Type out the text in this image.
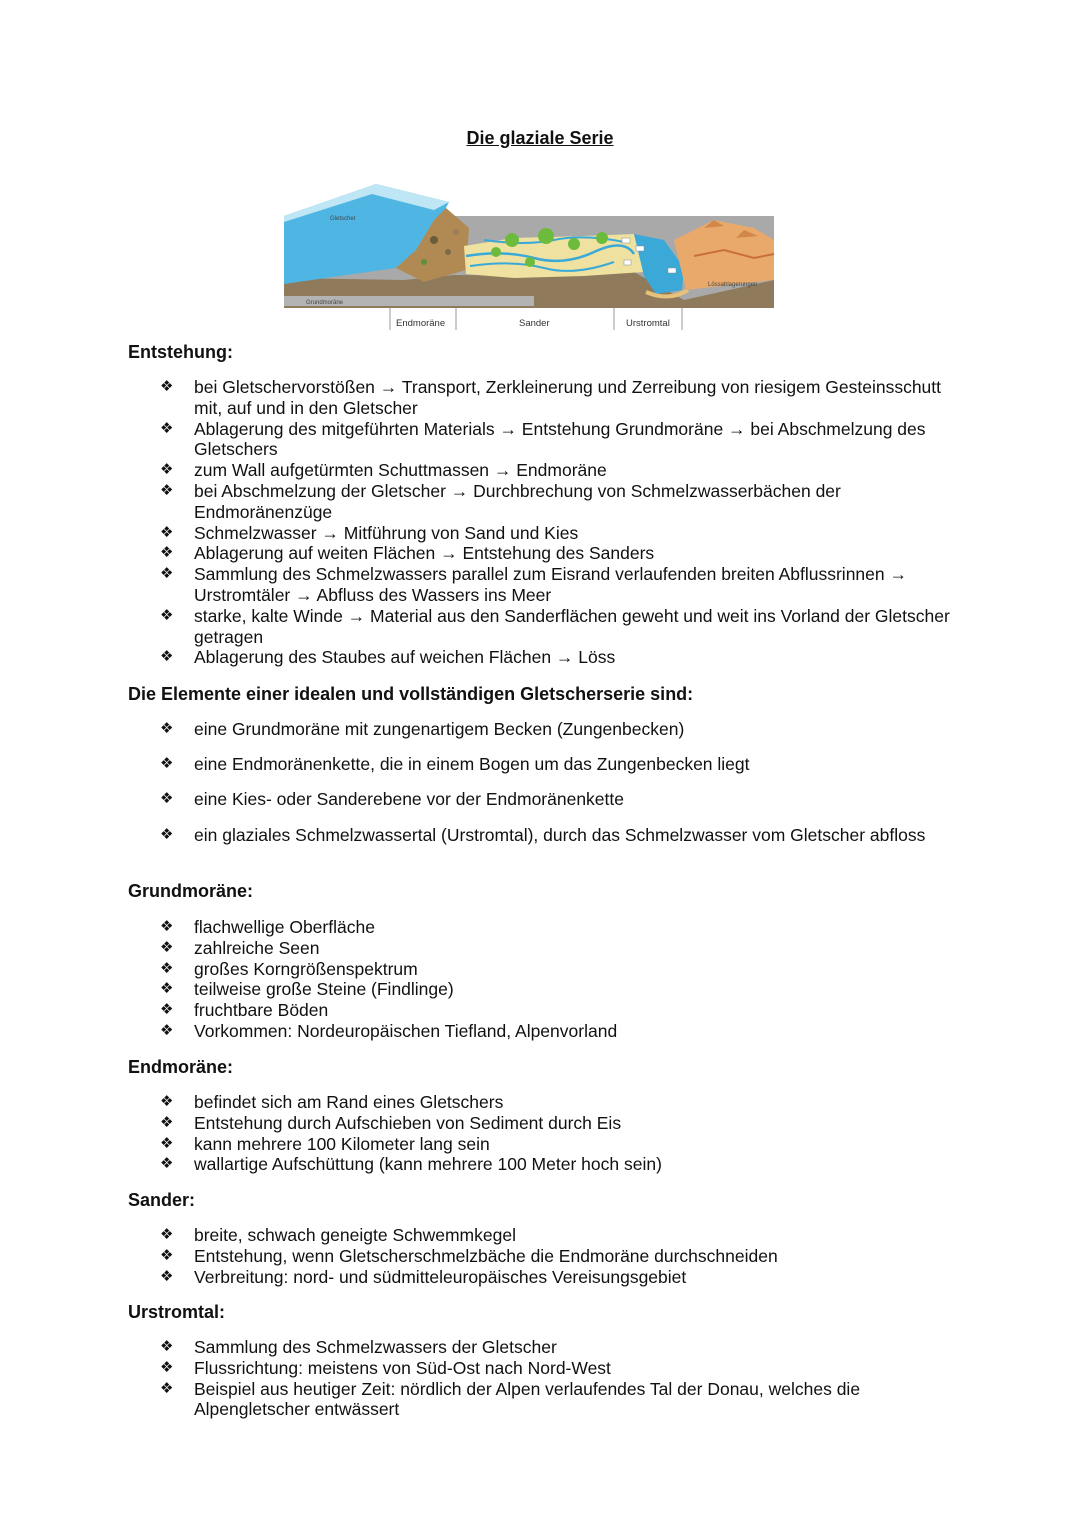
Die glaziale Serie
Gletscher
Grundmoräne
Lössablagerungen
Endmoräne	Sander	Urstromtal
Entstehung:
❖ bei Gletschervorstößen → Transport, Zerkleinerung und Zerreibung von riesigem Gesteinsschutt mit, auf und in den Gletscher
❖ Ablagerung des mitgeführten Materials → Entstehung Grundmoräne → bei Abschmelzung des Gletschers
❖ zum Wall aufgetürmten Schuttmassen → Endmoräne
❖ bei Abschmelzung der Gletscher → Durchbrechung von Schmelzwasserbächen der Endmoränenzüge
❖ Schmelzwasser → Mitführung von Sand und Kies
❖ Ablagerung auf weiten Flächen → Entstehung des Sanders
❖ Sammlung des Schmelzwassers parallel zum Eisrand verlaufenden breiten Abflussrinnen → Urstromtäler → Abfluss des Wassers ins Meer
❖ starke, kalte Winde → Material aus den Sanderflächen geweht und weit ins Vorland der Gletscher getragen
❖ Ablagerung des Staubes auf weichen Flächen → Löss
Die Elemente einer idealen und vollständigen Gletscherserie sind:
❖ eine Grundmoräne mit zungenartigem Becken (Zungenbecken)
❖ eine Endmoränenkette, die in einem Bogen um das Zungenbecken liegt
❖ eine Kies- oder Sanderebene vor der Endmoränenkette
❖ ein glaziales Schmelzwassertal (Urstromtal), durch das Schmelzwasser vom Gletscher abfloss
Grundmoräne:
❖ flachwellige Oberfläche
❖ zahlreiche Seen
❖ großes Korngrößenspektrum
❖ teilweise große Steine (Findlinge)
❖ fruchtbare Böden
❖ Vorkommen: Nordeuropäischen Tiefland, Alpenvorland
Endmoräne:
❖ befindet sich am Rand eines Gletschers
❖ Entstehung durch Aufschieben von Sediment durch Eis
❖ kann mehrere 100 Kilometer lang sein
❖ wallartige Aufschüttung (kann mehrere 100 Meter hoch sein)
Sander:
❖ breite, schwach geneigte Schwemmkegel
❖ Entstehung, wenn Gletscherschmelzbäche die Endmoräne durchschneiden
❖ Verbreitung: nord- und südmitteleuropäisches Vereisungsgebiet
Urstromtal:
❖ Sammlung des Schmelzwassers der Gletscher
❖ Flussrichtung: meistens von Süd-Ost nach Nord-West
❖ Beispiel aus heutiger Zeit: nördlich der Alpen verlaufendes Tal der Donau, welches die Alpengletscher entwässert
